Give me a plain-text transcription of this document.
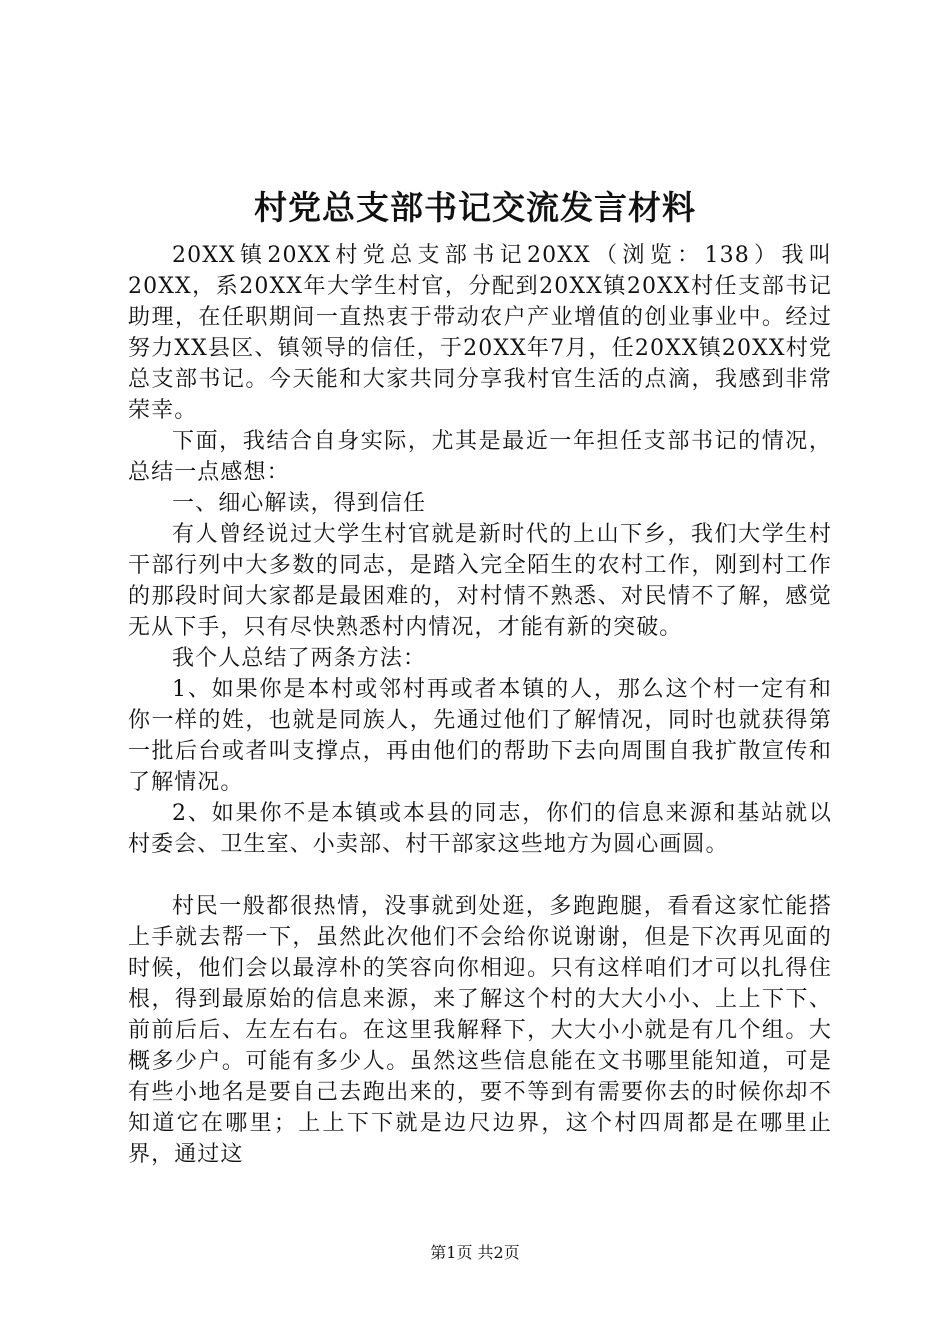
村党总支部书记交流发言材料

20XX镇20XX村党总支部书记20XX（浏览：138）我叫20XX，系20XX年大学生村官，分配到20XX镇20XX村任支部书记助理，在任职期间一直热衷于带动农户产业增值的创业事业中。经过努力XX县区、镇领导的信任，于20XX年7月，任20XX镇20XX村党总支部书记。今天能和大家共同分享我村官生活的点滴，我感到非常荣幸。

下面，我结合自身实际，尤其是最近一年担任支部书记的情况，总结一点感想：

一、细心解读，得到信任

有人曾经说过大学生村官就是新时代的上山下乡，我们大学生村干部行列中大多数的同志，是踏入完全陌生的农村工作，刚到村工作的那段时间大家都是最困难的，对村情不熟悉、对民情不了解，感觉无从下手，只有尽快熟悉村内情况，才能有新的突破。

我个人总结了两条方法：

1、如果你是本村或邻村再或者本镇的人，那么这个村一定有和你一样的姓，也就是同族人，先通过他们了解情况，同时也就获得第一批后台或者叫支撑点，再由他们的帮助下去向周围自我扩散宣传和了解情况。

2、如果你不是本镇或本县的同志，你们的信息来源和基站就以村委会、卫生室、小卖部、村干部家这些地方为圆心画圆。

村民一般都很热情，没事就到处逛，多跑跑腿，看看这家忙能搭上手就去帮一下，虽然此次他们不会给你说谢谢，但是下次再见面的时候，他们会以最淳朴的笑容向你相迎。只有这样咱们才可以扎得住根，得到最原始的信息来源，来了解这个村的大大小小、上上下下、前前后后、左左右右。在这里我解释下，大大小小就是有几个组。大概多少户。可能有多少人。虽然这些信息能在文书哪里能知道，可是有些小地名是要自己去跑出来的，要不等到有需要你去的时候你却不知道它在哪里；上上下下就是边尺边界，这个村四周都是在哪里止界，通过这

第1页 共2页
